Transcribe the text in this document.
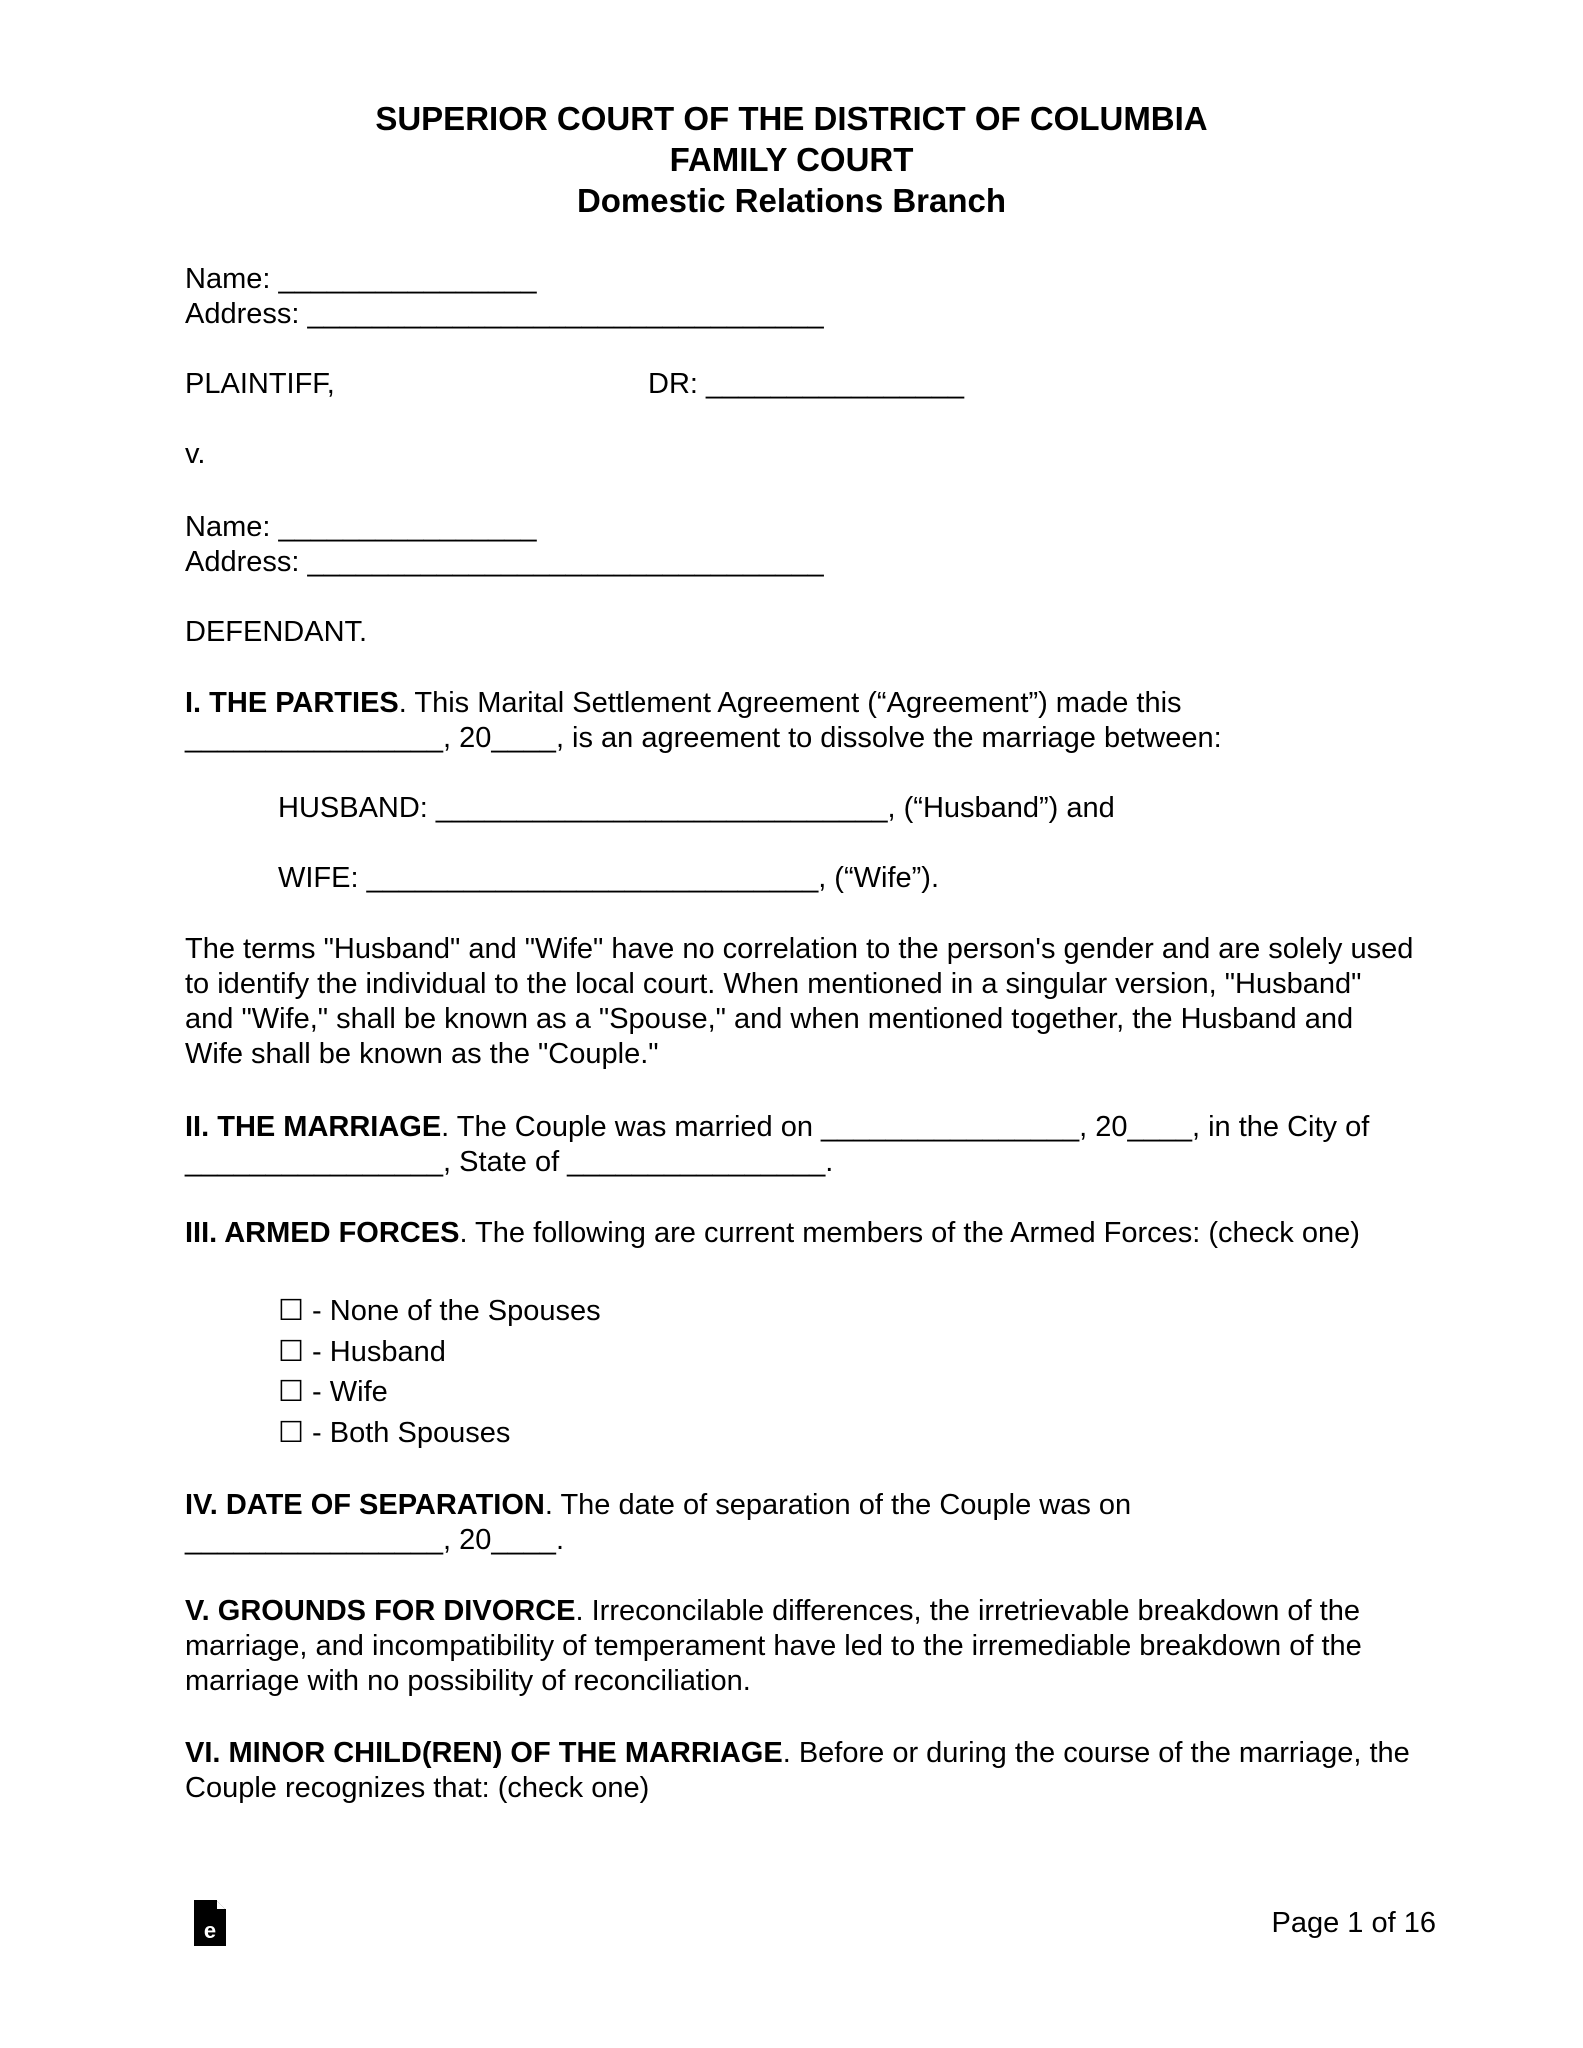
SUPERIOR COURT OF THE DISTRICT OF COLUMBIA
FAMILY COURT
Domestic Relations Branch
Name: ________________
Address: ________________________________
PLAINTIFF,	DR: ________________
v.
Name: ________________
Address: ________________________________
DEFENDANT.
I. THE PARTIES. This Marital Settlement Agreement (“Agreement”) made this
________________, 20____, is an agreement to dissolve the marriage between:
HUSBAND: ____________________________, (“Husband”) and
WIFE: ____________________________, (“Wife”).
The terms "Husband" and "Wife" have no correlation to the person's gender and are solely used to identify the individual to the local court. When mentioned in a singular version, "Husband" and "Wife," shall be known as a "Spouse," and when mentioned together, the Husband and Wife shall be known as the "Couple."
II. THE MARRIAGE. The Couple was married on ________________, 20____, in the City of ________________, State of ________________.
III. ARMED FORCES. The following are current members of the Armed Forces: (check one)
☐ - None of the Spouses
☐ - Husband
☐ - Wife
☐ - Both Spouses
IV. DATE OF SEPARATION. The date of separation of the Couple was on
________________, 20____.
V. GROUNDS FOR DIVORCE. Irreconcilable differences, the irretrievable breakdown of the marriage, and incompatibility of temperament have led to the irremediable breakdown of the marriage with no possibility of reconciliation.
VI. MINOR CHILD(REN) OF THE MARRIAGE. Before or during the course of the marriage, the Couple recognizes that: (check one)
e	Page 1 of 16
